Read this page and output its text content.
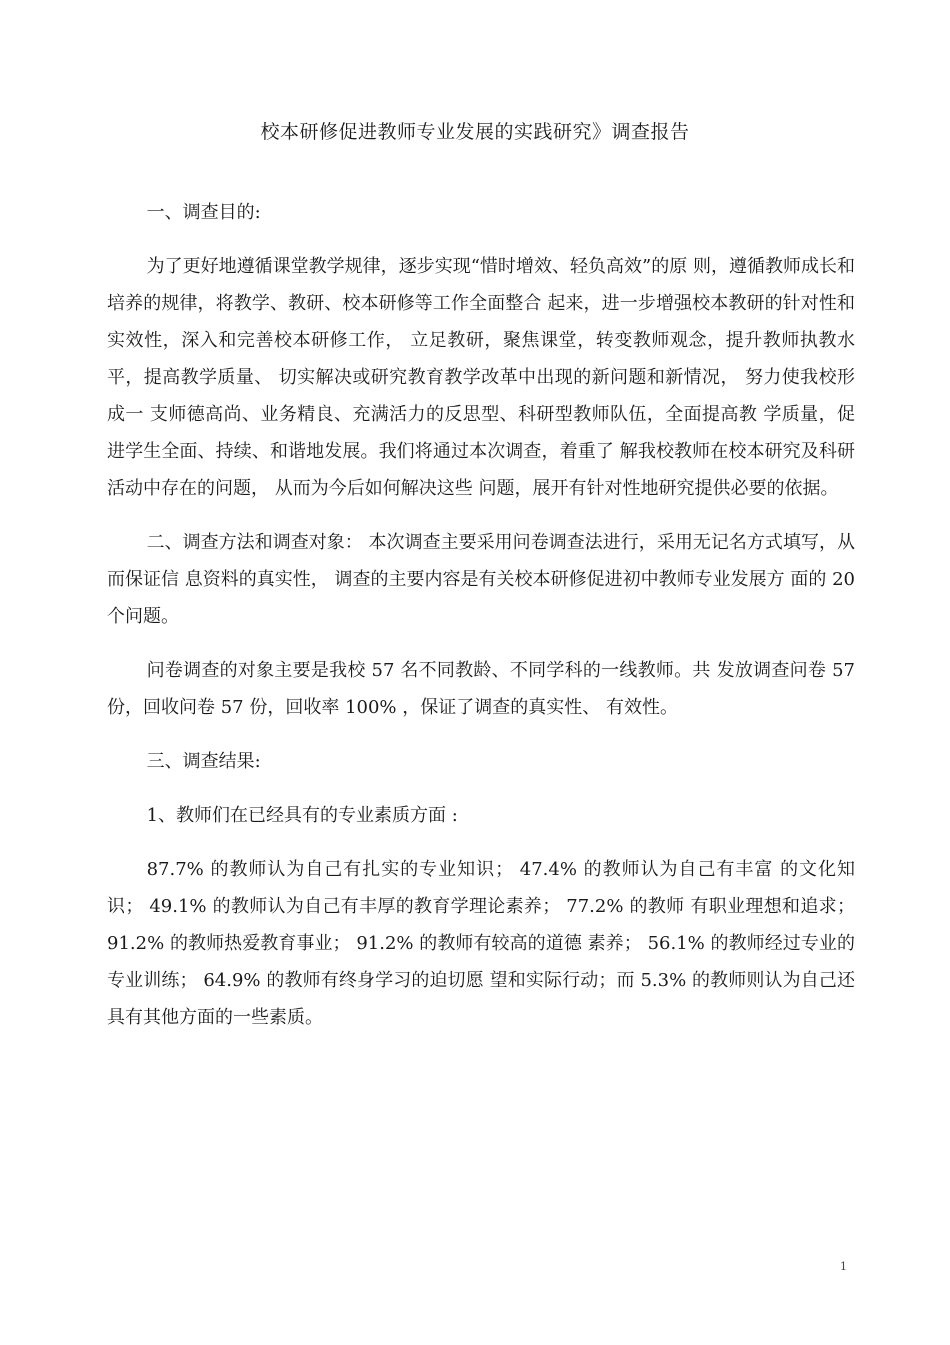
校本研修促进教师专业发展的实践研究》调查报告

一、调查目的:

为了更好地遵循课堂教学规律，逐步实现“惜时增效、轻负高效”的原 则，遵循教师成长和培养的规律，将教学、教研、校本研修等工作全面整合 起来，进一步增强校本教研的针对性和实效性，深入和完善校本研修工作， 立足教研，聚焦课堂，转变教师观念，提升教师执教水平，提高教学质量、 切实解决或研究教育教学改革中出现的新问题和新情况， 努力使我校形成一 支师德高尚、业务精良、充满活力的反思型、科研型教师队伍，全面提高教 学质量，促进学生全面、持续、和谐地发展。我们将通过本次调查，着重了 解我校教师在校本研究及科研活动中存在的问题， 从而为今后如何解决这些 问题，展开有针对性地研究提供必要的依据。

二、调查方法和调查对象： 本次调查主要采用问卷调查法进行，采用无记名方式填写，从而保证信 息资料的真实性， 调查的主要内容是有关校本研修促进初中教师专业发展方 面的 20 个问题。

问卷调查的对象主要是我校 57 名不同教龄、不同学科的一线教师。共 发放调查问卷 57 份，回收问卷 57 份，回收率 100% ，保证了调查的真实性、 有效性。

三、调查结果:

1、教师们在已经具有的专业素质方面 :

87.7% 的教师认为自己有扎实的专业知识； 47.4% 的教师认为自己有丰富 的文化知识； 49.1% 的教师认为自己有丰厚的教育学理论素养； 77.2% 的教师 有职业理想和追求； 91.2% 的教师热爱教育事业； 91.2% 的教师有较高的道德 素养； 56.1% 的教师经过专业的专业训练； 64.9% 的教师有终身学习的迫切愿 望和实际行动；而 5.3% 的教师则认为自己还具有其他方面的一些素质。

1
